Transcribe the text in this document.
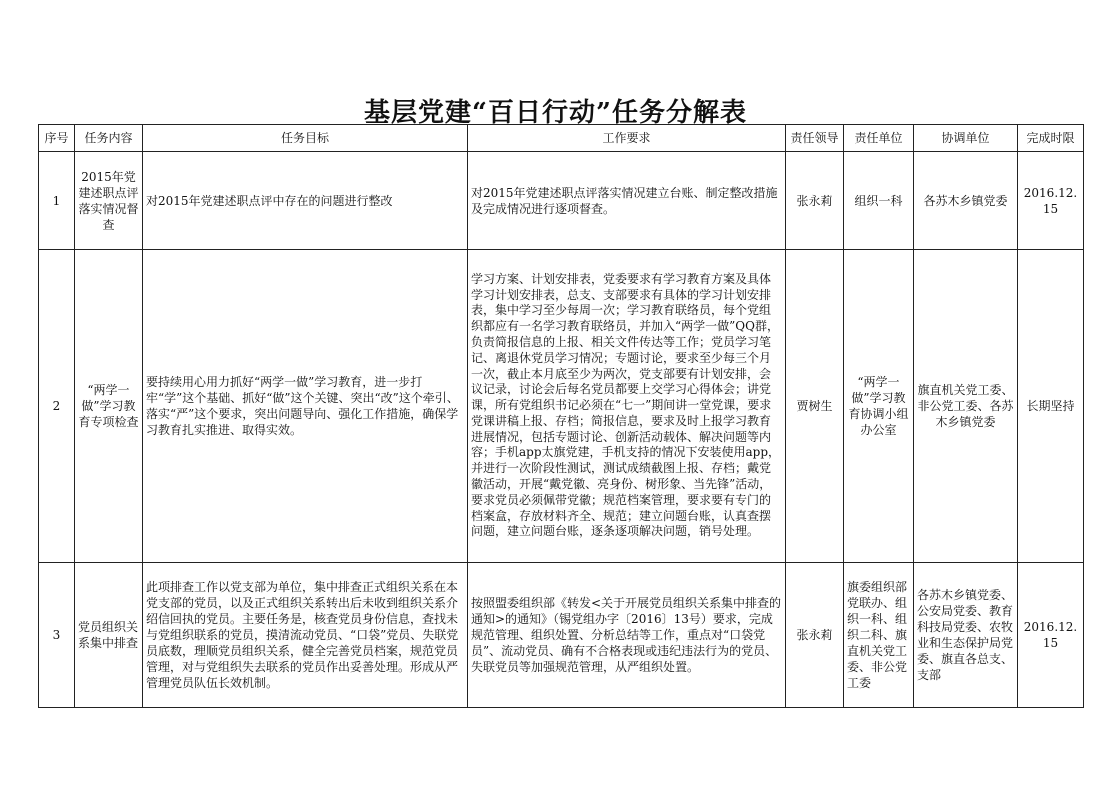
基层党建“百日行动”任务分解表
序号	任务内容	任务目标	工作要求	责任领导	责任单位	协调单位	完成时限
1	2015年党建述职点评落实情况督查	对2015年党建述职点评中存在的问题进行整改	对2015年党建述职点评落实情况建立台账、制定整改措施及完成情况进行逐项督查。	张永莉	组织一科	各苏木乡镇党委	2016.12.15
2	“两学一做”学习教育专项检查	要持续用心用力抓好“两学一做”学习教育，进一步打牢“学”这个基础、抓好“做”这个关键、突出“改”这个牵引、落实“严”这个要求，突出问题导向、强化工作措施，确保学习教育扎实推进、取得实效。	学习方案、计划安排表，党委要求有学习教育方案及具体学习计划安排表，总支、支部要求有具体的学习计划安排表，集中学习至少每周一次；学习教育联络员，每个党组织都应有一名学习教育联络员，并加入“两学一做”QQ群，负责简报信息的上报、相关文件传达等工作；党员学习笔记、离退休党员学习情况；专题讨论，要求至少每三个月一次，截止本月底至少为两次，党支部要有计划安排，会议记录，讨论会后每名党员都要上交学习心得体会；讲党课，所有党组织书记必须在“七一”期间讲一堂党课，要求党课讲稿上报、存档；简报信息，要求及时上报学习教育进展情况，包括专题讨论、创新活动载体、解决问题等内容；手机app太旗党建，手机支持的情况下安装使用app，并进行一次阶段性测试，测试成绩截图上报、存档；戴党徽活动，开展“戴党徽、亮身份、树形象、当先锋”活动，要求党员必须佩带党徽；规范档案管理，要求要有专门的档案盒，存放材料齐全、规范；建立问题台账，认真查摆问题，建立问题台账，逐条逐项解决问题，销号处理。	贾树生	“两学一做”学习教育协调小组办公室	旗直机关党工委、非公党工委、各苏木乡镇党委	长期坚持
3	党员组织关系集中排查	此项排查工作以党支部为单位，集中排查正式组织关系在本党支部的党员，以及正式组织关系转出后未收到组织关系介绍信回执的党员。主要任务是，核查党员身份信息，查找未与党组织联系的党员，摸清流动党员、“口袋”党员、失联党员底数，理顺党员组织关系，健全完善党员档案，规范党员管理，对与党组织失去联系的党员作出妥善处理。形成从严管理党员队伍长效机制。	按照盟委组织部《转发<关于开展党员组织关系集中排查的通知>的通知》（锡党组办字〔2016〕13号）要求，完成规范管理、组织处置、分析总结等工作，重点对“口袋党员”、流动党员、确有不合格表现或违纪违法行为的党员、失联党员等加强规范管理，从严组织处置。	张永莉	旗委组织部党联办、组织一科、组织二科、旗直机关党工委、非公党工委	各苏木乡镇党委、公安局党委、教育科技局党委、农牧业和生态保护局党委、旗直各总支、支部	2016.12.15
